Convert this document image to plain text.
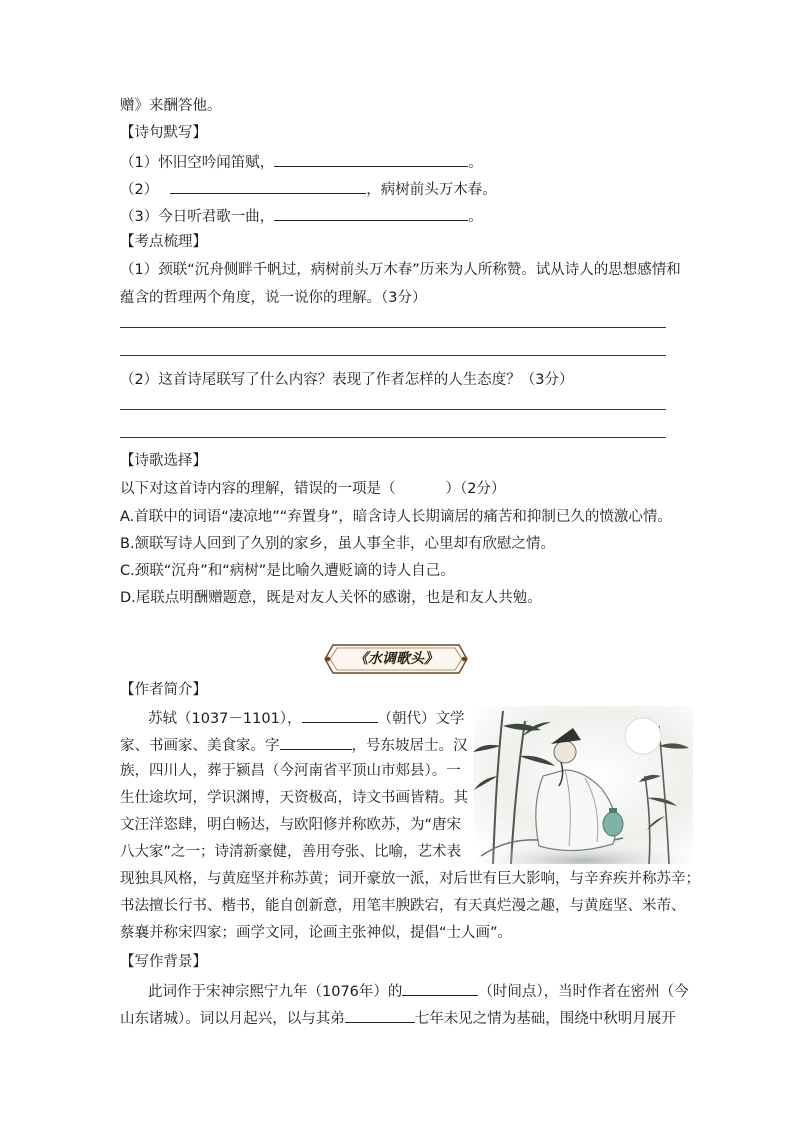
赠》来酬答他。
【诗句默写】
（1）怀旧空吟闻笛赋，	。
（2）	，病树前头万木春。
（3）今日听君歌一曲，	。
【考点梳理】
（1）颈联“沉舟侧畔千帆过，病树前头万木春”历来为人所称赞。试从诗人的思想感情和
蕴含的哲理两个角度，说一说你的理解。（3分）
（2）这首诗尾联写了什么内容？表现了作者怎样的人生态度？（3分）
【诗歌选择】
以下对这首诗内容的理解，错误的一项是（	）（2分）
A.首联中的词语“凄凉地”“弃置身”，暗含诗人长期谪居的痛苦和抑制已久的愤激心情。
B.颔联写诗人回到了久别的家乡，虽人事全非，心里却有欣慰之情。
C.颈联“沉舟”和“病树”是比喻久遭贬谪的诗人自己。
D.尾联点明酬赠题意，既是对友人关怀的感谢，也是和友人共勉。
《水调歌头》
【作者简介】
苏轼（1037－1101），	（朝代）文学
家、书画家、美食家。字	，号东坡居士。汉
族，四川人，葬于颍昌（今河南省平顶山市郏县）。一
生仕途坎坷，学识渊博，天资极高，诗文书画皆精。其
文汪洋恣肆，明白畅达，与欧阳修并称欧苏，为“唐宋
八大家”之一；诗清新豪健，善用夸张、比喻，艺术表
现独具风格，与黄庭坚并称苏黄；词开豪放一派，对后世有巨大影响，与辛弃疾并称苏辛；
书法擅长行书、楷书，能自创新意，用笔丰腴跌宕，有天真烂漫之趣，与黄庭坚、米芾、
蔡襄并称宋四家；画学文同，论画主张神似，提倡“士人画”。
【写作背景】
此词作于宋神宗熙宁九年（1076年）的	（时间点），当时作者在密州（今
山东诸城）。词以月起兴，以与其弟	七年未见之情为基础，围绕中秋明月展开
